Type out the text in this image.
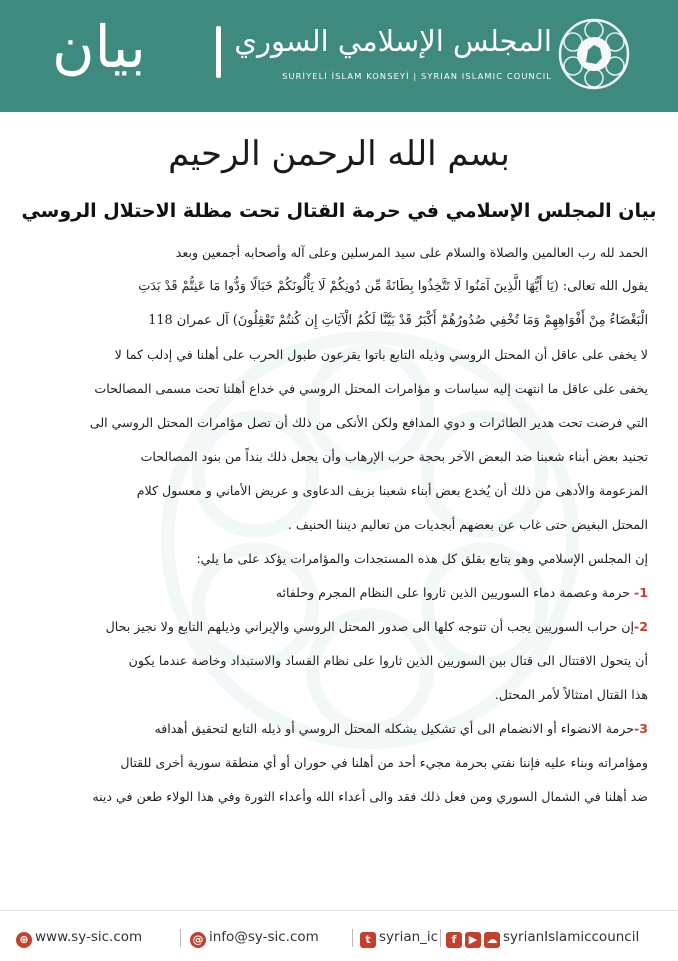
بيان	المجلس الإسلامي السوري
SURİYELİ İSLAM KONSEYİ | SYRIAN ISLAMIC COUNCIL
بسم الله الرحمن الرحيم
بيان المجلس الإسلامي في حرمة القتال تحت مظلة الاحتلال الروسي
الحمد لله رب العالمين والصلاة والسلام على سيد المرسلين وعلى آله وأصحابه أجمعين وبعد
يقول الله تعالى: (يَا أَيُّهَا الَّذِينَ آمَنُوا لَا تَتَّخِذُوا بِطَانَةً مِّن دُونِكُمْ لَا يَأْلُونَكُمْ خَبَالًا وَدُّوا مَا عَنِتُّمْ قَدْ بَدَتِ
الْبَغْضَاءُ مِنْ أَفْوَاهِهِمْ وَمَا تُخْفِي صُدُورُهُمْ أَكْبَرُ قَدْ بَيَّنَّا لَكُمُ الْآيَاتِ إِن كُنتُمْ تَعْقِلُونَ) آل عمران 118
لا يخفى على عاقل أن المحتل الروسي وذيله التابع باتوا يقرعون طبول الحرب على أهلنا في إدلب كما لا
يخفى على عاقل ما انتهت إليه سياسات و مؤامرات المحتل الروسي في خداع أهلنا تحت مسمى المصالحات
التي فرضت تحت هدير الطائرات و دوي المدافع ولكن الأنكى من ذلك أن تصل مؤامرات المحتل الروسي الى
تجنيد بعض أبناء شعبنا ضد البعض الآخر بحجة حرب الإرهاب وأن يجعل ذلك بنداً من بنود المصالحات
المزعومة والأدهى من ذلك أن يُخدع بعض أبناء شعبنا بزيف الدعاوى و عريض الأماني و معسول كلام
المحتل البغيض حتى غاب عن بعضهم أبجديات من تعاليم ديننا الحنيف .
إن المجلس الإسلامي وهو يتابع بقلق كل هذه المستجدات والمؤامرات يؤكد على ما يلي:
1- حرمة وعصمة دماء السوريين الذين ثاروا على النظام المجرم وحلفائه
2-إن حراب السوريين يجب أن تتوجه كلها الى صدور المحتل الروسي والإيراني وذيلهم التابع ولا نجيز بحال
أن يتحول الاقتتال الى قتال بين السوريين الذين ثاروا على نظام الفساد والاستبداد وخاصة عندما يكون
هذا القتال امتثالاً لأمر المحتل.
3-حرمة الانضواء أو الانضمام الى أي تشكيل يشكله المحتل الروسي أو ذيله التابع لتحقيق أهدافه
ومؤامراته وبناء عليه فإننا نفتي بحرمة مجيء أحد من أهلنا في حوران أو أي منطقة سورية أخرى للقتال
ضد أهلنا في الشمال السوري ومن فعل ذلك فقد والى أعداء الله وأعداء الثورة وفي هذا الولاء طعن في دينه
⊕ www.sy-sic.com	@ info@sy-sic.com	t syrian_ic	f ▶ ☁ syrianIslamiccouncil
